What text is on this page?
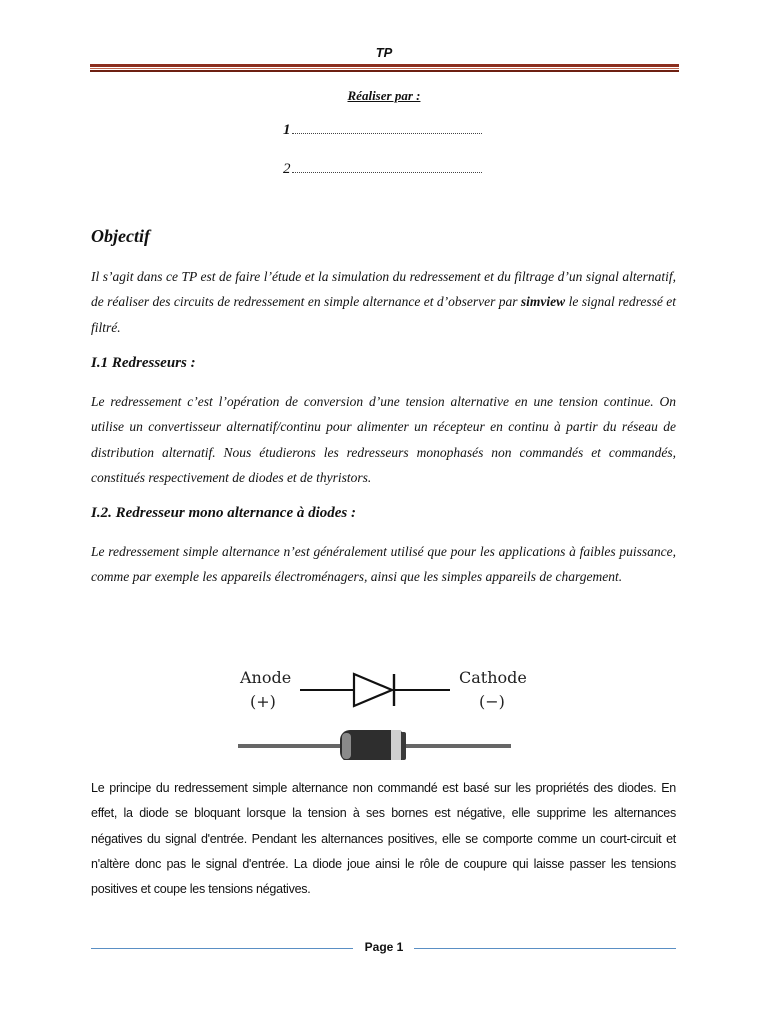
TP
Réaliser par :
1
2
Objectif

Il s’agit dans ce TP est de faire l’étude et la simulation du redressement et du filtrage d’un signal alternatif, de réaliser des circuits de redressement en simple alternance et d’observer par simview le signal redressé et filtré.

I.1 Redresseurs :

Le redressement c’est l’opération de conversion d’une tension alternative en une tension continue. On utilise un convertisseur alternatif/continu pour alimenter un récepteur en continu à partir du réseau de distribution alternatif. Nous étudierons les redresseurs monophasés non commandés et commandés, constitués respectivement de diodes et de thyristors.

I.2. Redresseur mono alternance à diodes :

Le redressement simple alternance n’est généralement utilisé que pour les applications à faibles puissance, comme par exemple les appareils électroménagers, ainsi que les simples appareils de chargement.

Anode
(+)
Cathode
(−)

Le principe du redressement simple alternance non commandé est basé sur les propriétés des diodes. En effet, la diode se bloquant lorsque la tension à ses bornes est négative, elle supprime les alternances négatives du signal d'entrée. Pendant les alternances positives, elle se comporte comme un court-circuit et n'altère donc pas le signal d'entrée. La diode joue ainsi le rôle de coupure qui laisse passer les tensions positives et coupe les tensions négatives.

Page 1
